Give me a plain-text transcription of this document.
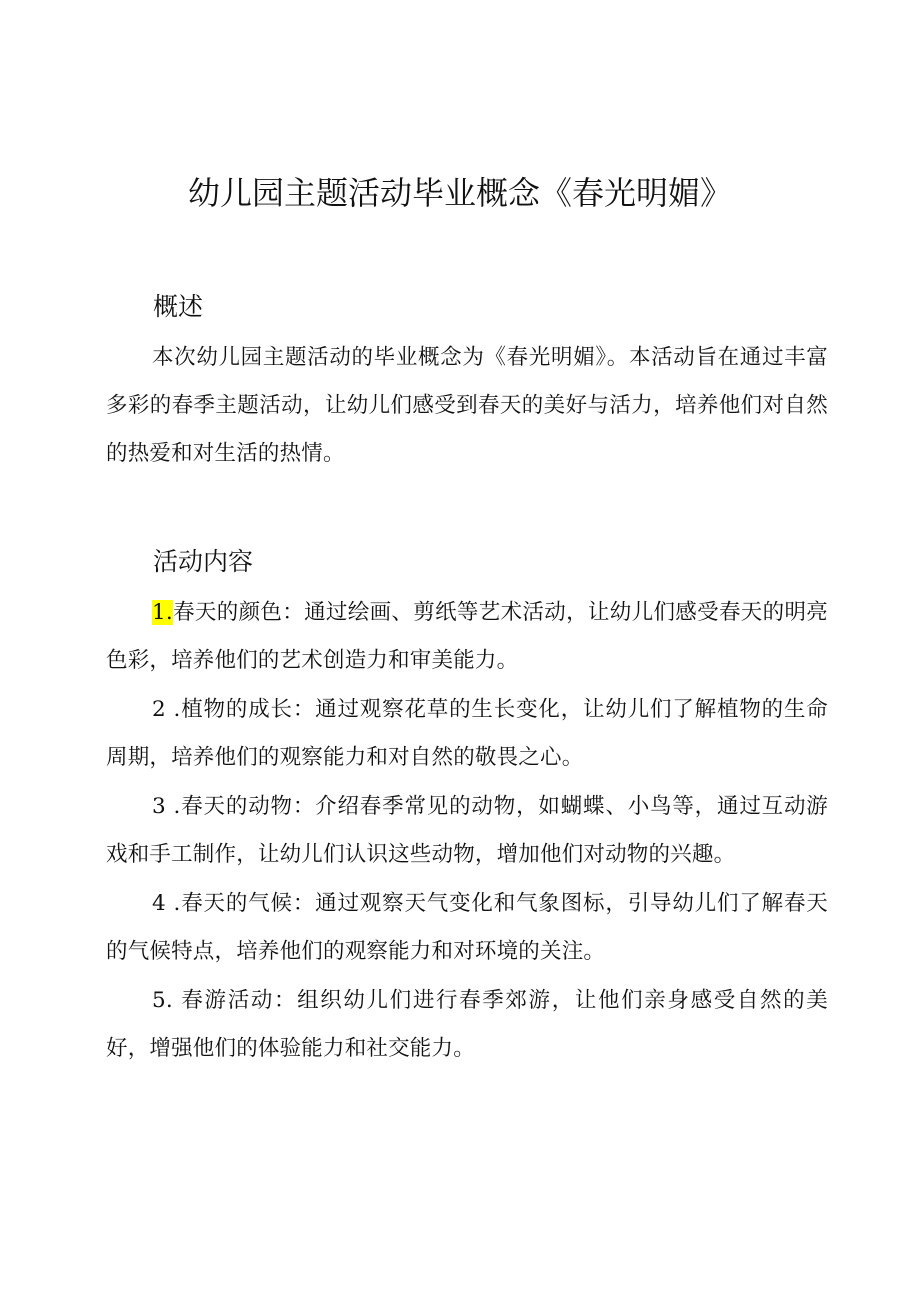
幼儿园主题活动毕业概念《春光明媚》
概述

本次幼儿园主题活动的毕业概念为《春光明媚》。本活动旨在通过丰富多彩的春季主题活动，让幼儿们感受到春天的美好与活力，培养他们对自然的热爱和对生活的热情。

活动内容

1.春天的颜色：通过绘画、剪纸等艺术活动，让幼儿们感受春天的明亮色彩，培养他们的艺术创造力和审美能力。

2 .植物的成长：通过观察花草的生长变化，让幼儿们了解植物的生命周期，培养他们的观察能力和对自然的敬畏之心。

3 .春天的动物：介绍春季常见的动物，如蝴蝶、小鸟等，通过互动游戏和手工制作，让幼儿们认识这些动物，增加他们对动物的兴趣。

4 .春天的气候：通过观察天气变化和气象图标，引导幼儿们了解春天的气候特点，培养他们的观察能力和对环境的关注。

5. 春游活动：组织幼儿们进行春季郊游，让他们亲身感受自然的美好，增强他们的体验能力和社交能力。
